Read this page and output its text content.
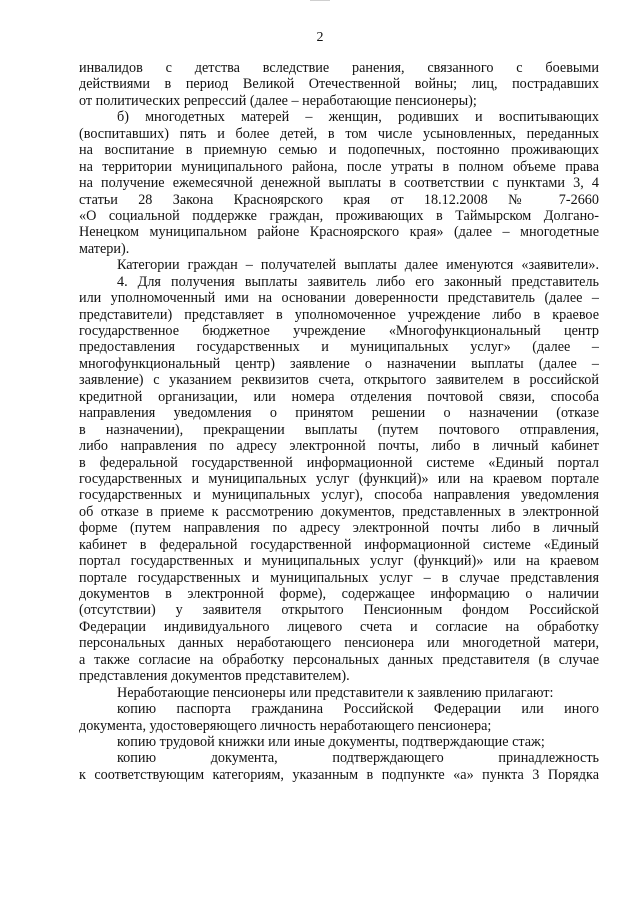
2
инвалидов с детства вследствие ранения, связанного с боевыми
действиями в период Великой Отечественной войны; лиц, пострадавших
от политических репрессий (далее – неработающие пенсионеры);
б) многодетных матерей – женщин, родивших и воспитывающих
(воспитавших) пять и более детей, в том числе усыновленных, переданных
на воспитание в приемную семью и подопечных, постоянно проживающих
на территории муниципального района, после утраты в полном объеме права
на получение ежемесячной денежной выплаты в соответствии с пунктами 3, 4
статьи 28 Закона Красноярского края от 18.12.2008 № 7-2660
«О социальной поддержке граждан, проживающих в Таймырском Долгано-
Ненецком муниципальном районе Красноярского края» (далее – многодетные
матери).
Категории граждан – получателей выплаты далее именуются «заявители».
4. Для получения выплаты заявитель либо его законный представитель
или уполномоченный ими на основании доверенности представитель (далее –
представители) представляет в уполномоченное учреждение либо в краевое
государственное бюджетное учреждение «Многофункциональный центр
предоставления государственных и муниципальных услуг» (далее –
многофункциональный центр) заявление о назначении выплаты (далее –
заявление) с указанием реквизитов счета, открытого заявителем в российской
кредитной организации, или номера отделения почтовой связи, способа
направления уведомления о принятом решении о назначении (отказе
в назначении), прекращении выплаты (путем почтового отправления,
либо направления по адресу электронной почты, либо в личный кабинет
в федеральной государственной информационной системе «Единый портал
государственных и муниципальных услуг (функций)» или на краевом портале
государственных и муниципальных услуг), способа направления уведомления
об отказе в приеме к рассмотрению документов, представленных в электронной
форме (путем направления по адресу электронной почты либо в личный
кабинет в федеральной государственной информационной системе «Единый
портал государственных и муниципальных услуг (функций)» или на краевом
портале государственных и муниципальных услуг – в случае представления
документов в электронной форме), содержащее информацию о наличии
(отсутствии) у заявителя открытого Пенсионным фондом Российской
Федерации индивидуального лицевого счета и согласие на обработку
персональных данных неработающего пенсионера или многодетной матери,
а также согласие на обработку персональных данных представителя (в случае
представления документов представителем).
Неработающие пенсионеры или представители к заявлению прилагают:
копию паспорта гражданина Российской Федерации или иного
документа, удостоверяющего личность неработающего пенсионера;
копию трудовой книжки или иные документы, подтверждающие стаж;
копию документа, подтверждающего принадлежность
к соответствующим категориям, указанным в подпункте «а» пункта 3 Порядка
